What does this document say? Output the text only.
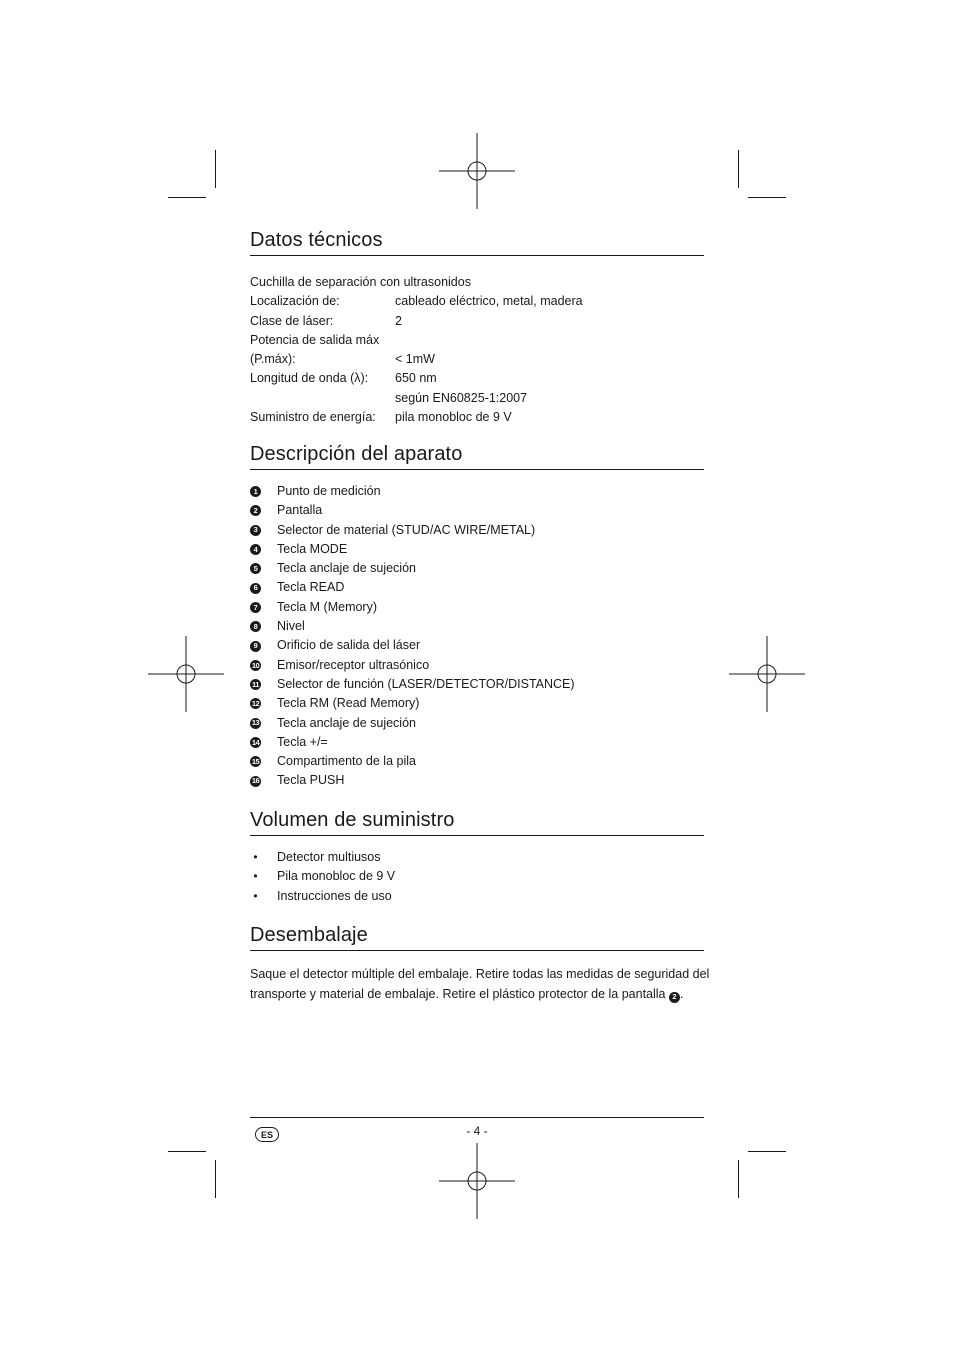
Datos técnicos
Cuchilla de separación con ultrasonidos
Localización de:	cableado eléctrico, metal, madera
Clase de láser:	2
Potencia de salida máx
(P.máx):	< 1mW
Longitud de onda (λ):	650 nm
según EN60825-1:2007
Suministro de energía:	pila monobloc de 9 V
Descripción del aparato
1 Punto de medición
2 Pantalla
3 Selector de material (STUD/AC WIRE/METAL)
4 Tecla MODE
5 Tecla anclaje de sujeción
6 Tecla READ
7 Tecla M (Memory)
8 Nivel
9 Orificio de salida del láser
10 Emisor/receptor ultrasónico
11 Selector de función (LASER/DETECTOR/DISTANCE)
12 Tecla RM (Read Memory)
13 Tecla anclaje de sujeción
14 Tecla +/=
15 Compartimento de la pila
16 Tecla PUSH
Volumen de suministro
• Detector multiusos
• Pila monobloc de 9 V
• Instrucciones de uso
Desembalaje
Saque el detector múltiple del embalaje. Retire todas las medidas de seguridad del
transporte y material de embalaje. Retire el plástico protector de la pantalla 2 .
ES	- 4 -
